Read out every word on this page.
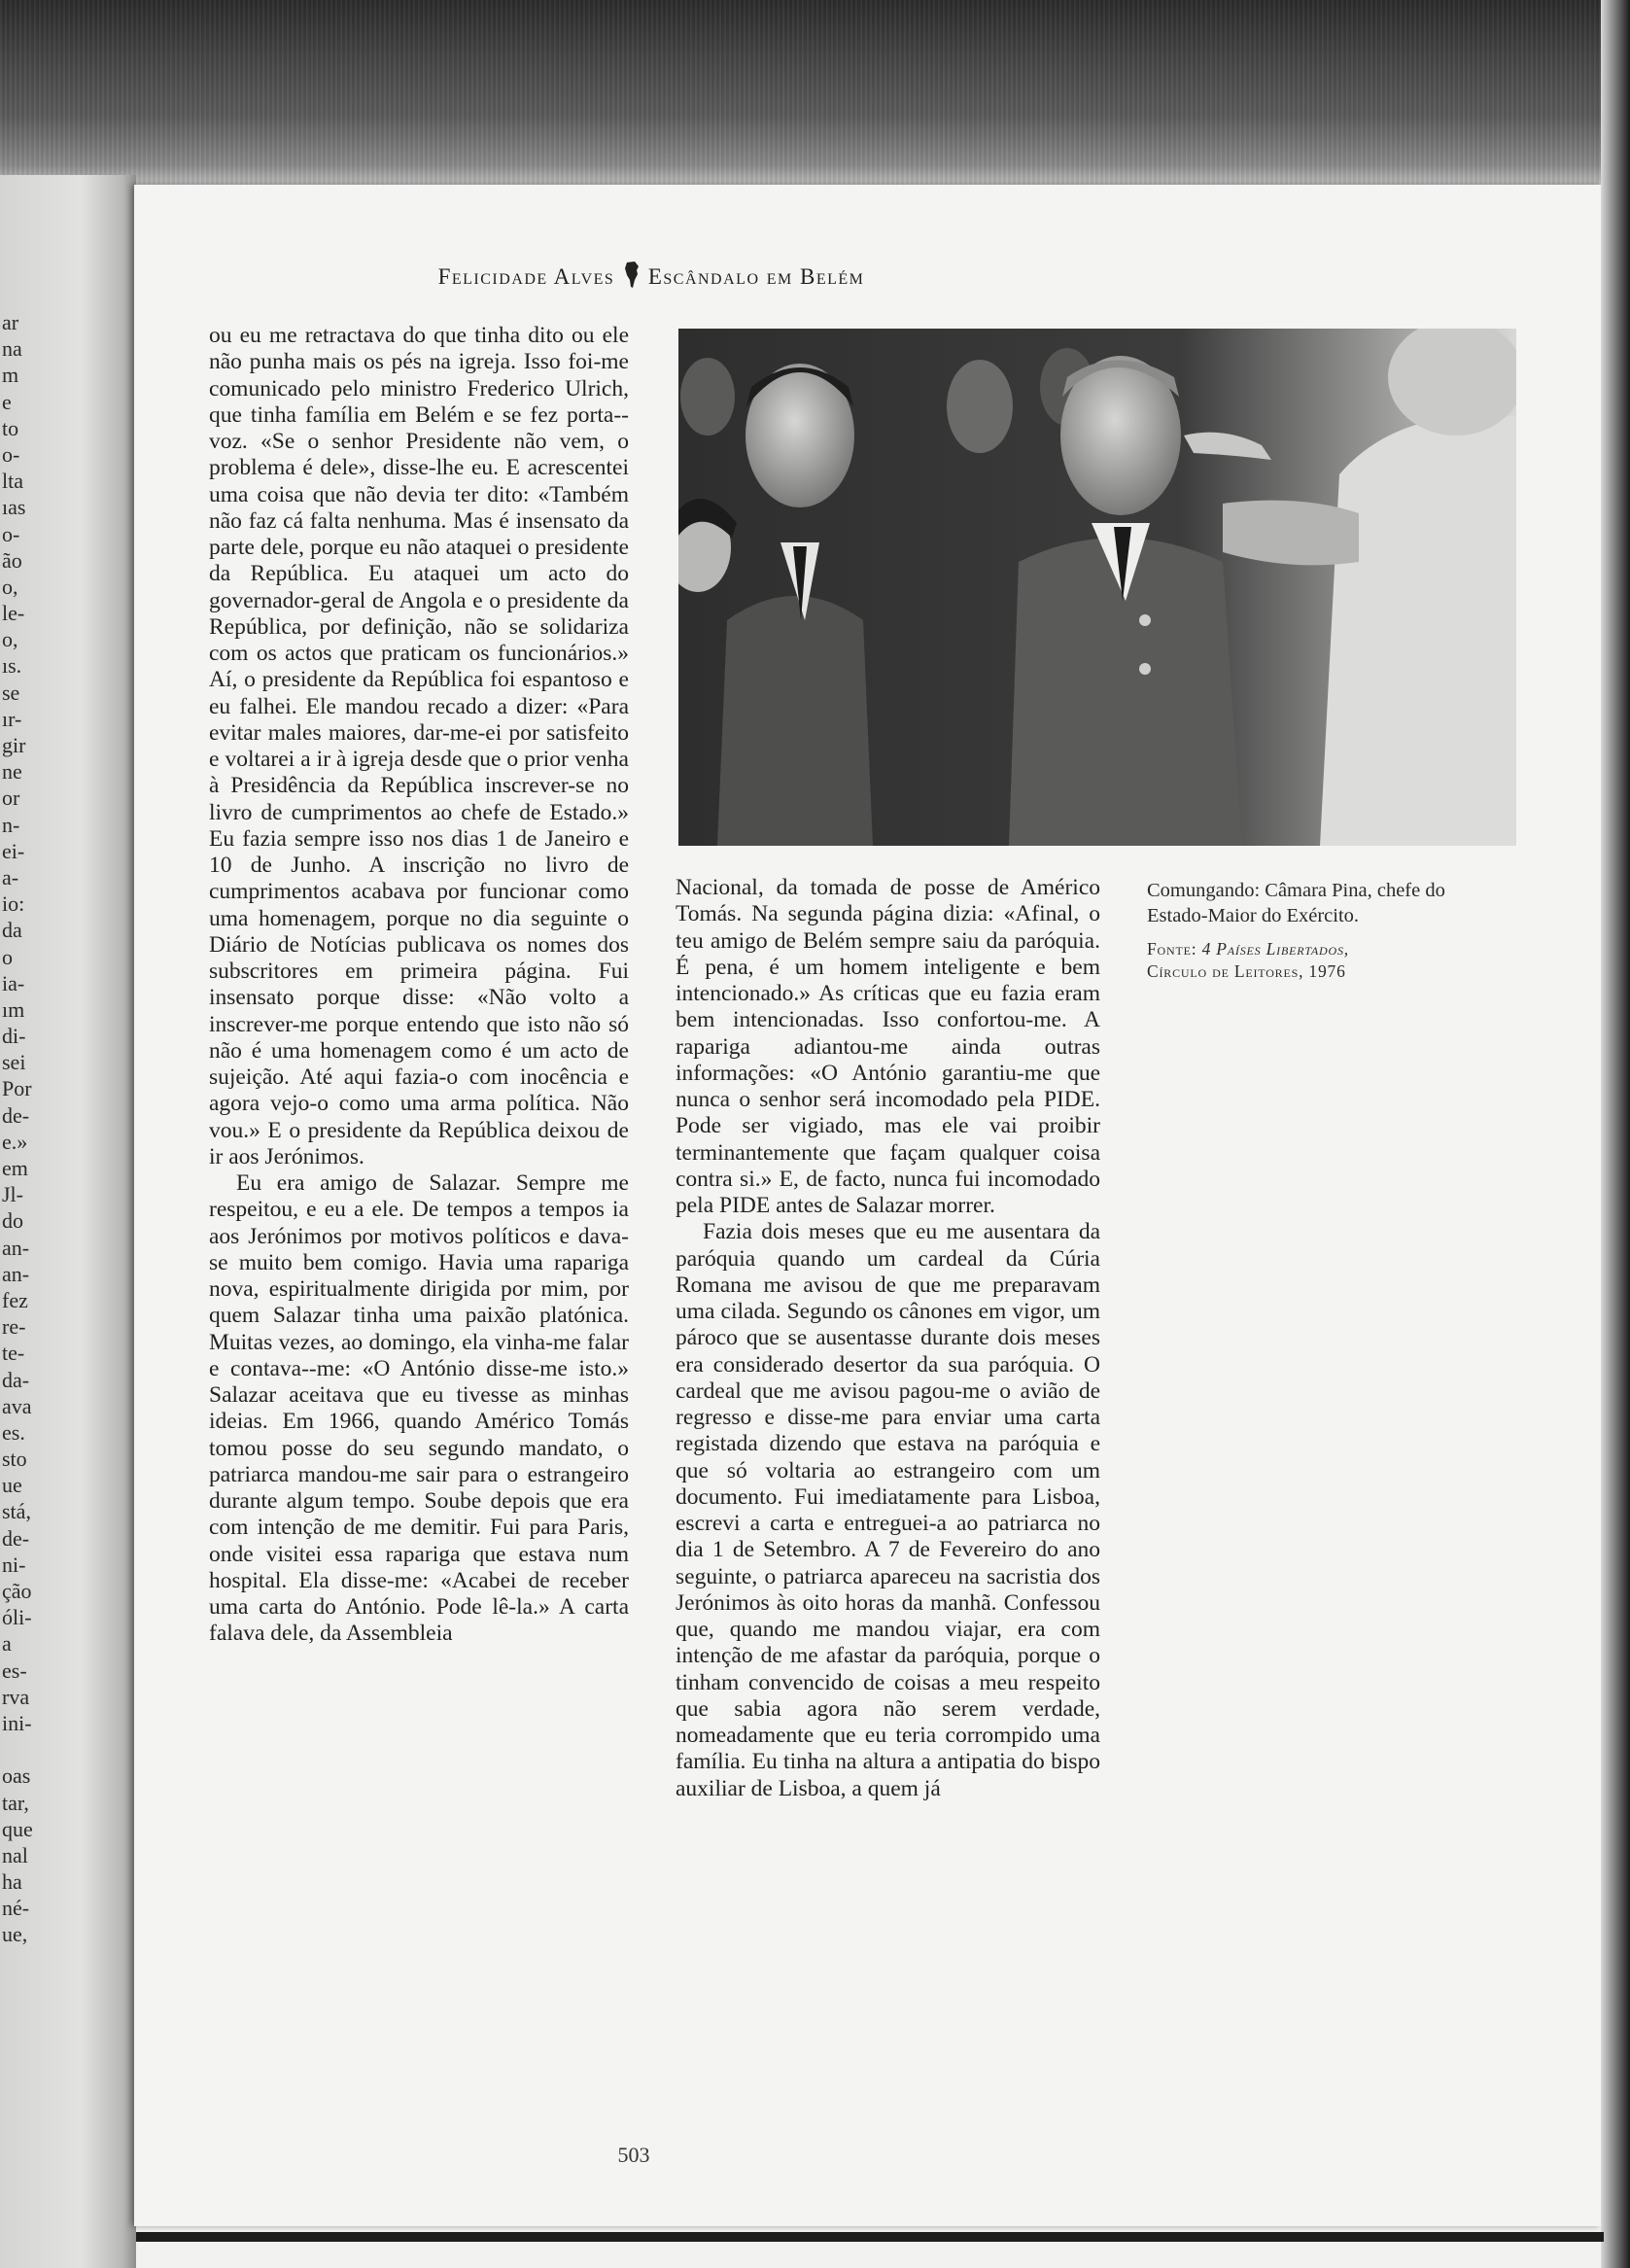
ar
na
m
e
to
o-
lta
ıas
o-
ão
o,
le-
o,
ıs.
se
ır-
gir
ne
or
n-
ei-
a-
io:
da
o
ia-
ım
di-
sei
Por
de-
e.»
em
Jl-
do
an-
an-
fez
re-
te-
da-
ava
es.
sto
ue
stá,
de-
ni-
ção
óli-
a
es-
rva
ini-
oas
tar,
que
nal
ha
né-
ue,
Felicidade Alves Escândalo em Belém

ou eu me retractava do que tinha dito ou ele não punha mais os pés na igreja. Isso foi-me comunicado pelo ministro Frederico Ulrich, que tinha família em Belém e se fez porta--voz. «Se o senhor Presidente não vem, o problema é dele», disse-lhe eu. E acrescentei uma coisa que não devia ter dito: «Também não faz cá falta nenhuma. Mas é insensato da parte dele, porque eu não ataquei o presidente da República. Eu ataquei um acto do governador-geral de Angola e o presidente da República, por definição, não se solidariza com os actos que praticam os funcionários.» Aí, o presidente da República foi espantoso e eu falhei. Ele mandou recado a dizer: «Para evitar males maiores, dar-me-ei por satisfeito e voltarei a ir à igreja desde que o prior venha à Presidência da República inscrever-se no livro de cumprimentos ao chefe de Estado.» Eu fazia sempre isso nos dias 1 de Janeiro e 10 de Junho. A inscrição no livro de cumprimentos acabava por funcionar como uma homenagem, porque no dia seguinte o Diário de Notícias publicava os nomes dos subscritores em primeira página. Fui insensato porque disse: «Não volto a inscrever-me porque entendo que isto não só não é uma homenagem como é um acto de sujeição. Até aqui fazia-o com inocência e agora vejo-o como uma arma política. Não vou.» E o presidente da República deixou de ir aos Jerónimos.

Eu era amigo de Salazar. Sempre me respeitou, e eu a ele. De tempos a tempos ia aos Jerónimos por motivos políticos e dava-se muito bem comigo. Havia uma rapariga nova, espiritualmente dirigida por mim, por quem Salazar tinha uma paixão platónica. Muitas vezes, ao domingo, ela vinha-me falar e contava--me: «O António disse-me isto.» Salazar aceitava que eu tivesse as minhas ideias. Em 1966, quando Américo Tomás tomou posse do seu segundo mandato, o patriarca mandou-me sair para o estrangeiro durante algum tempo. Soube depois que era com intenção de me demitir. Fui para Paris, onde visitei essa rapariga que estava num hospital. Ela disse-me: «Acabei de receber uma carta do António. Pode lê-la.» A carta falava dele, da Assembleia

Nacional, da tomada de posse de Américo Tomás. Na segunda página dizia: «Afinal, o teu amigo de Belém sempre saiu da paróquia. É pena, é um homem inteligente e bem intencionado.» As críticas que eu fazia eram bem intencionadas. Isso confortou-me. A rapariga adiantou-me ainda outras informações: «O António garantiu-me que nunca o senhor será incomodado pela PIDE. Pode ser vigiado, mas ele vai proibir terminantemente que façam qualquer coisa contra si.» E, de facto, nunca fui incomodado pela PIDE antes de Salazar morrer.

Fazia dois meses que eu me ausentara da paróquia quando um cardeal da Cúria Romana me avisou de que me preparavam uma cilada. Segundo os cânones em vigor, um pároco que se ausentasse durante dois meses era considerado desertor da sua paróquia. O cardeal que me avisou pagou-me o avião de regresso e disse-me para enviar uma carta registada dizendo que estava na paróquia e que só voltaria ao estrangeiro com um documento. Fui imediatamente para Lisboa, escrevi a carta e entreguei-a ao patriarca no dia 1 de Setembro. A 7 de Fevereiro do ano seguinte, o patriarca apareceu na sacristia dos Jerónimos às oito horas da manhã. Confessou que, quando me mandou viajar, era com intenção de me afastar da paróquia, porque o tinham convencido de coisas a meu respeito que sabia agora não serem verdade, nomeadamente que eu teria corrompido uma família. Eu tinha na altura a antipatia do bispo auxiliar de Lisboa, a quem já

Comungando: Câmara Pina, chefe do Estado-Maior do Exército.
Fonte: 4 Países Libertados,
Círculo de Leitores, 1976
503
